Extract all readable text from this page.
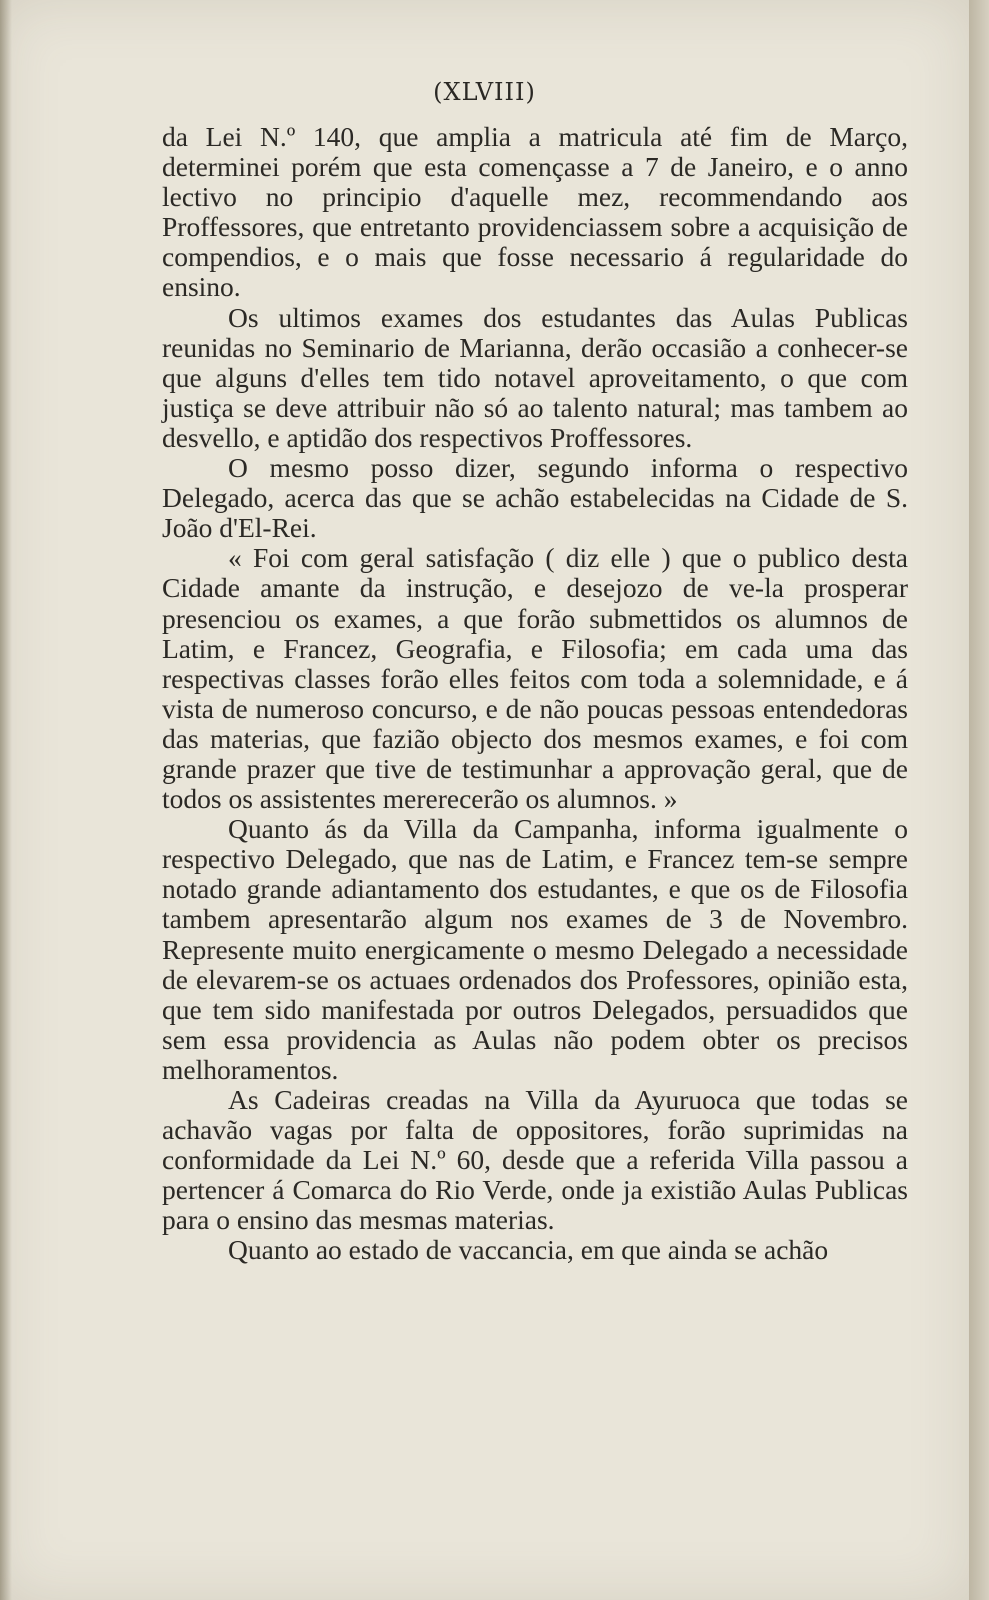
(XLVIII)

da Lei N.º 140, que amplia a matricula até fim de Março, determinei porém que esta començasse a 7 de Janeiro, e o anno lectivo no principio d'aquelle mez, recommendando aos Proffessores, que entretanto providenciassem sobre a acquisição de compendios, e o mais que fosse necessario á regularidade do ensino.

Os ultimos exames dos estudantes das Aulas Publicas reunidas no Seminario de Marianna, derão occasião a conhecer-se que alguns d'elles tem tido notavel aproveitamento, o que com justiça se deve attribuir não só ao talento natural; mas tambem ao desvello, e aptidão dos respectivos Proffessores.

O mesmo posso dizer, segundo informa o respectivo Delegado, acerca das que se achão estabelecidas na Cidade de S. João d'El-Rei.

« Foi com geral satisfação ( diz elle ) que o publico desta Cidade amante da instrução, e desejozo de ve-la prosperar presenciou os exames, a que forão submettidos os alumnos de Latim, e Francez, Geografia, e Filosofia; em cada uma das respectivas classes forão elles feitos com toda a solemnidade, e á vista de numeroso concurso, e de não poucas pessoas entendedoras das materias, que fazião objecto dos mesmos exames, e foi com grande prazer que tive de testimunhar a approvação geral, que de todos os assistentes mererecerão os alumnos. »

Quanto ás da Villa da Campanha, informa igualmente o respectivo Delegado, que nas de Latim, e Francez tem-se sempre notado grande adiantamento dos estudantes, e que os de Filosofia tambem apresentarão algum nos exames de 3 de Novembro. Represente muito energicamente o mesmo Delegado a necessidade de elevarem-se os actuaes ordenados dos Professores, opinião esta, que tem sido manifestada por outros Delegados, persuadidos que sem essa providencia as Aulas não podem obter os precisos melhoramentos.

As Cadeiras creadas na Villa da Ayuruoca que todas se achavão vagas por falta de oppositores, forão suprimidas na conformidade da Lei N.º 60, desde que a referida Villa passou a pertencer á Comarca do Rio Verde, onde ja existião Aulas Publicas para o ensino das mesmas materias.

Quanto ao estado de vaccancia, em que ainda se achão
